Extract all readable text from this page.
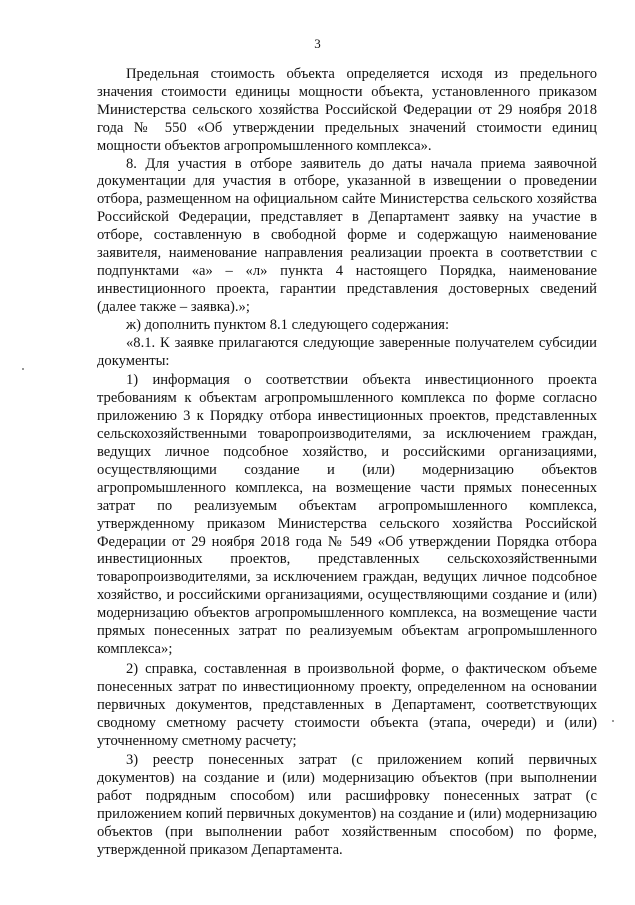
3

Предельная стоимость объекта определяется исходя из предельного значения стоимости единицы мощности объекта, установленного приказом Министерства сельского хозяйства Российской Федерации от 29 ноября 2018 года № 550 «Об утверждении предельных значений стоимости единиц мощности объектов агропромышленного комплекса».

8. Для участия в отборе заявитель до даты начала приема заявочной документации для участия в отборе, указанной в извещении о проведении отбора, размещенном на официальном сайте Министерства сельского хозяйства Российской Федерации, представляет в Департамент заявку на участие в отборе, составленную в свободной форме и содержащую наименование заявителя, наименование направления реализации проекта в соответствии с подпунктами «а» – «л» пункта 4 настоящего Порядка, наименование инвестиционного проекта, гарантии представления достоверных сведений (далее также – заявка).»;

ж) дополнить пунктом 8.1 следующего содержания:

«8.1. К заявке прилагаются следующие заверенные получателем субсидии документы:

1) информация о соответствии объекта инвестиционного проекта требованиям к объектам агропромышленного комплекса по форме согласно приложению 3 к Порядку отбора инвестиционных проектов, представленных сельскохозяйственными товаропроизводителями, за исключением граждан, ведущих личное подсобное хозяйство, и российскими организациями, осуществляющими создание и (или) модернизацию объектов агропромышленного комплекса, на возмещение части прямых понесенных затрат по реализуемым объектам агропромышленного комплекса, утвержденному приказом Министерства сельского хозяйства Российской Федерации от 29 ноября 2018 года № 549 «Об утверждении Порядка отбора инвестиционных проектов, представленных сельскохозяйственными товаропроизводителями, за исключением граждан, ведущих личное подсобное хозяйство, и российскими организациями, осуществляющими создание и (или) модернизацию объектов агропромышленного комплекса, на возмещение части прямых понесенных затрат по реализуемым объектам агропромышленного комплекса»;

2) справка, составленная в произвольной форме, о фактическом объеме понесенных затрат по инвестиционному проекту, определенном на основании первичных документов, представленных в Департамент, соответствующих сводному сметному расчету стоимости объекта (этапа, очереди) и (или) уточненному сметному расчету;

3) реестр понесенных затрат (с приложением копий первичных документов) на создание и (или) модернизацию объектов (при выполнении работ подрядным способом) или расшифровку понесенных затрат (с приложением копий первичных документов) на создание и (или) модернизацию объектов (при выполнении работ хозяйственным способом) по форме, утвержденной приказом Департамента.
